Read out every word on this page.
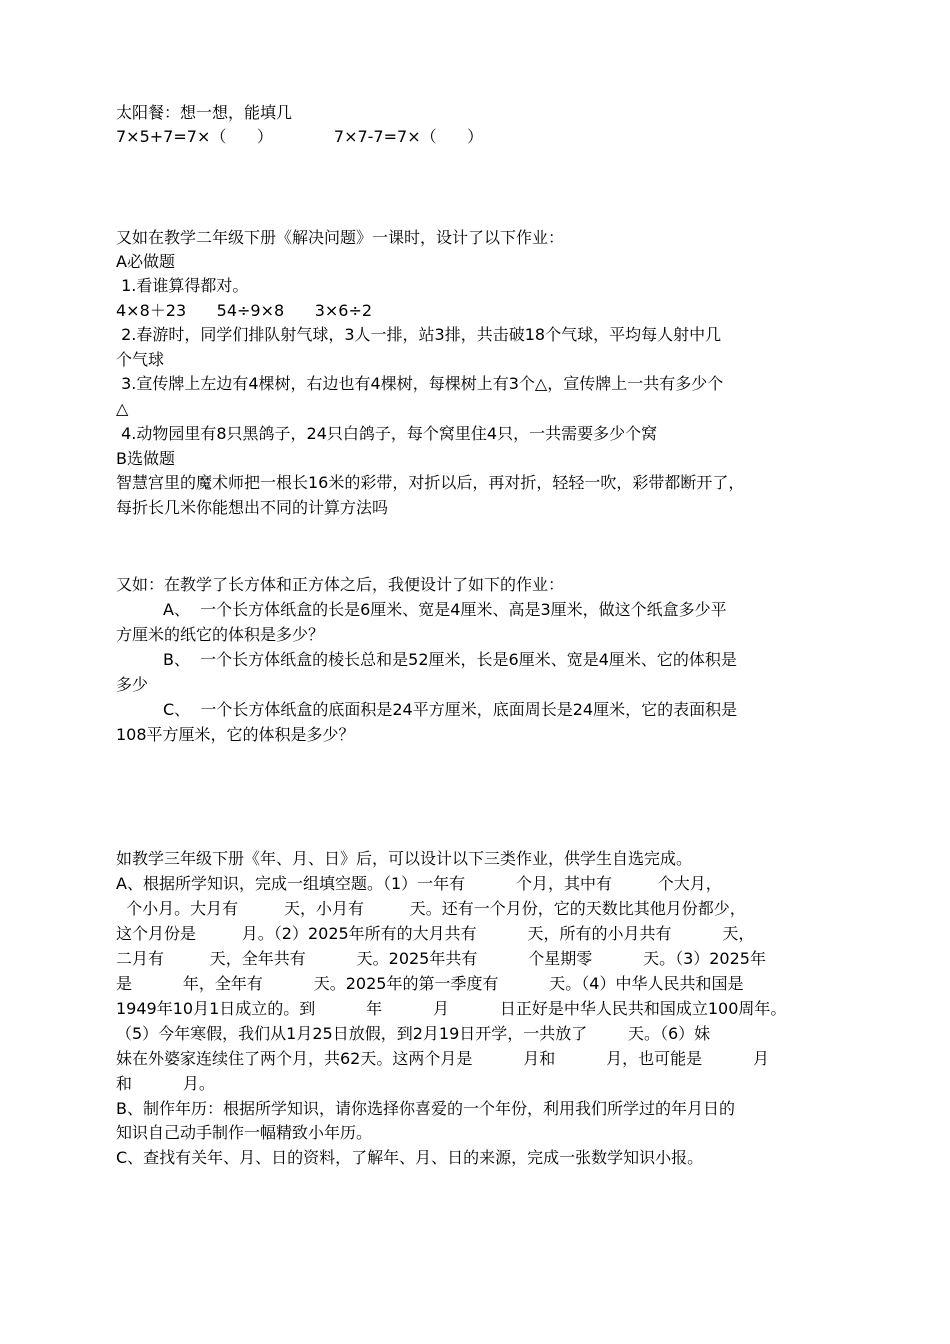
太阳餐：想一想，能填几

7×5+7=7×（      ）            7×7-7=7×（      ）

又如在教学二年级下册《解决问题》一课时，设计了以下作业：

A必做题

1.看谁算得都对。

4×8＋23      54÷9×8      3×6÷2

2.春游时，同学们排队射气球，3人一排，站3排，共击破18个气球，平均每人射中几

个气球

3.宣传牌上左边有4棵树，右边也有4棵树，每棵树上有3个△，宣传牌上一共有多少个

△

4.动物园里有8只黑鸽子，24只白鸽子，每个窝里住4只，一共需要多少个窝

B选做题

智慧宫里的魔术师把一根长16米的彩带，对折以后，再对折，轻轻一吹，彩带都断开了，

每折长几米你能想出不同的计算方法吗

又如：在教学了长方体和正方体之后，我便设计了如下的作业：

A、  一个长方体纸盒的长是6厘米、宽是4厘米、高是3厘米，做这个纸盒多少平

方厘米的纸它的体积是多少？

B、  一个长方体纸盒的棱长总和是52厘米，长是6厘米、宽是4厘米、它的体积是

多少

C、  一个长方体纸盒的底面积是24平方厘米，底面周长是24厘米，它的表面积是

108平方厘米，它的体积是多少？

如教学三年级下册《年、月、日》后，可以设计以下三类作业，供学生自选完成。

A、根据所学知识，完成一组填空题。（1）一年有          个月，其中有         个大月，

个小月。大月有         天，小月有         天。还有一个月份，它的天数比其他月份都少，

这个月份是         月。（2）2025年所有的大月共有          天，所有的小月共有          天，

二月有         天，全年共有          天。2025年共有          个星期零          天。（3）2025年

是          年，全年有          天。2025年的第一季度有          天。（4）中华人民共和国是

1949年10月1日成立的。到          年          月          日正好是中华人民共和国成立100周年。

（5）今年寒假，我们从1月25日放假，到2月19日开学，一共放了        天。（6）妹

妹在外婆家连续住了两个月，共62天。这两个月是          月和          月，也可能是          月

和          月。

B、制作年历：根据所学知识，请你选择你喜爱的一个年份，利用我们所学过的年月日的

知识自己动手制作一幅精致小年历。

C、查找有关年、月、日的资料，了解年、月、日的来源，完成一张数学知识小报。
